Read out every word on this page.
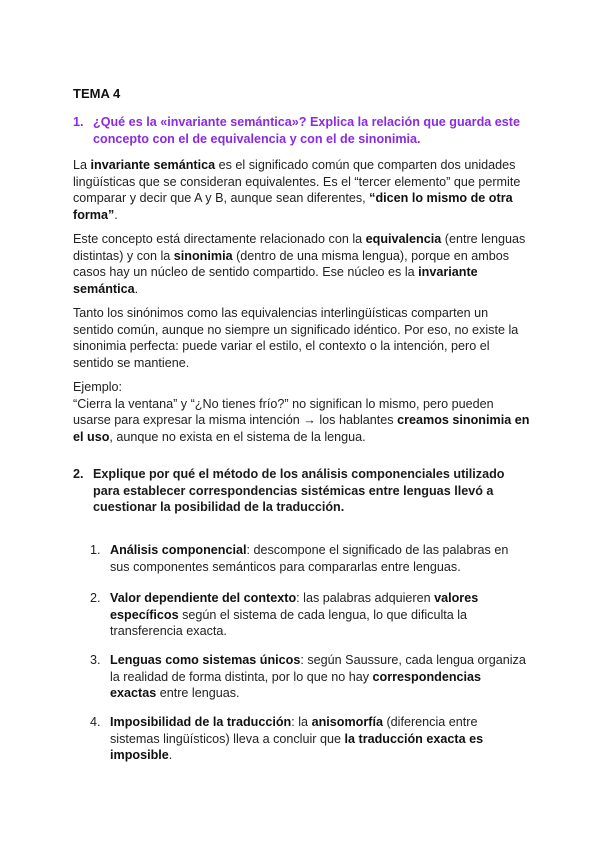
TEMA 4
1. ¿Qué es la «invariante semántica»? Explica la relación que guarda este concepto con el de equivalencia y con el de sinonimia.
La invariante semántica es el significado común que comparten dos unidades lingüísticas que se consideran equivalentes. Es el “tercer elemento” que permite comparar y decir que A y B, aunque sean diferentes, “dicen lo mismo de otra forma”.
Este concepto está directamente relacionado con la equivalencia (entre lenguas distintas) y con la sinonimia (dentro de una misma lengua), porque en ambos casos hay un núcleo de sentido compartido. Ese núcleo es la invariante semántica.
Tanto los sinónimos como las equivalencias interlingüísticas comparten un sentido común, aunque no siempre un significado idéntico. Por eso, no existe la sinonimia perfecta: puede variar el estilo, el contexto o la intención, pero el sentido se mantiene.
Ejemplo:
“Cierra la ventana” y “¿No tienes frío?” no significan lo mismo, pero pueden usarse para expresar la misma intención → los hablantes creamos sinonimia en el uso, aunque no exista en el sistema de la lengua.
2. Explique por qué el método de los análisis componenciales utilizado para establecer correspondencias sistémicas entre lenguas llevó a cuestionar la posibilidad de la traducción.
1. Análisis componencial: descompone el significado de las palabras en sus componentes semánticos para compararlas entre lenguas.
2. Valor dependiente del contexto: las palabras adquieren valores específicos según el sistema de cada lengua, lo que dificulta la transferencia exacta.
3. Lenguas como sistemas únicos: según Saussure, cada lengua organiza la realidad de forma distinta, por lo que no hay correspondencias exactas entre lenguas.
4. Imposibilidad de la traducción: la anisomorfía (diferencia entre sistemas lingüísticos) lleva a concluir que la traducción exacta es imposible.
